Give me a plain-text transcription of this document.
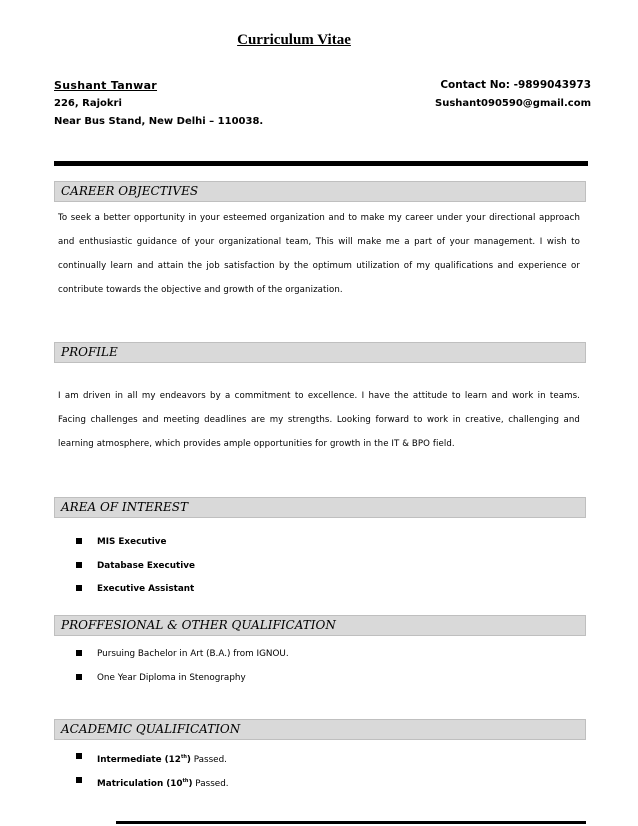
Curriculum Vitae
Sushant Tanwar
226, Rajokri
Near Bus Stand, New Delhi – 110038.
Contact No: -9899043973
Sushant090590@gmail.com
CAREER OBJECTIVES
To seek a better opportunity in your esteemed organization and to make my career under your directional approach and enthusiastic guidance of your organizational team, This will make me a part of your management. I wish to continually learn and attain the job satisfaction by the optimum utilization of my qualifications and experience or contribute towards the objective and growth of the organization.
PROFILE
I am driven in all my endeavors by a commitment to excellence. I have the attitude to learn and work in teams. Facing challenges and meeting deadlines are my strengths. Looking forward to work in creative, challenging and learning atmosphere, which provides ample opportunities for growth in the IT & BPO field.
AREA OF INTEREST
MIS Executive
Database Executive
Executive Assistant
PROFFESIONAL & OTHER QUALIFICATION
Pursuing Bachelor in Art (B.A.) from IGNOU.
One Year Diploma in Stenography
ACADEMIC QUALIFICATION
Intermediate (12th) Passed.
Matriculation (10th) Passed.
